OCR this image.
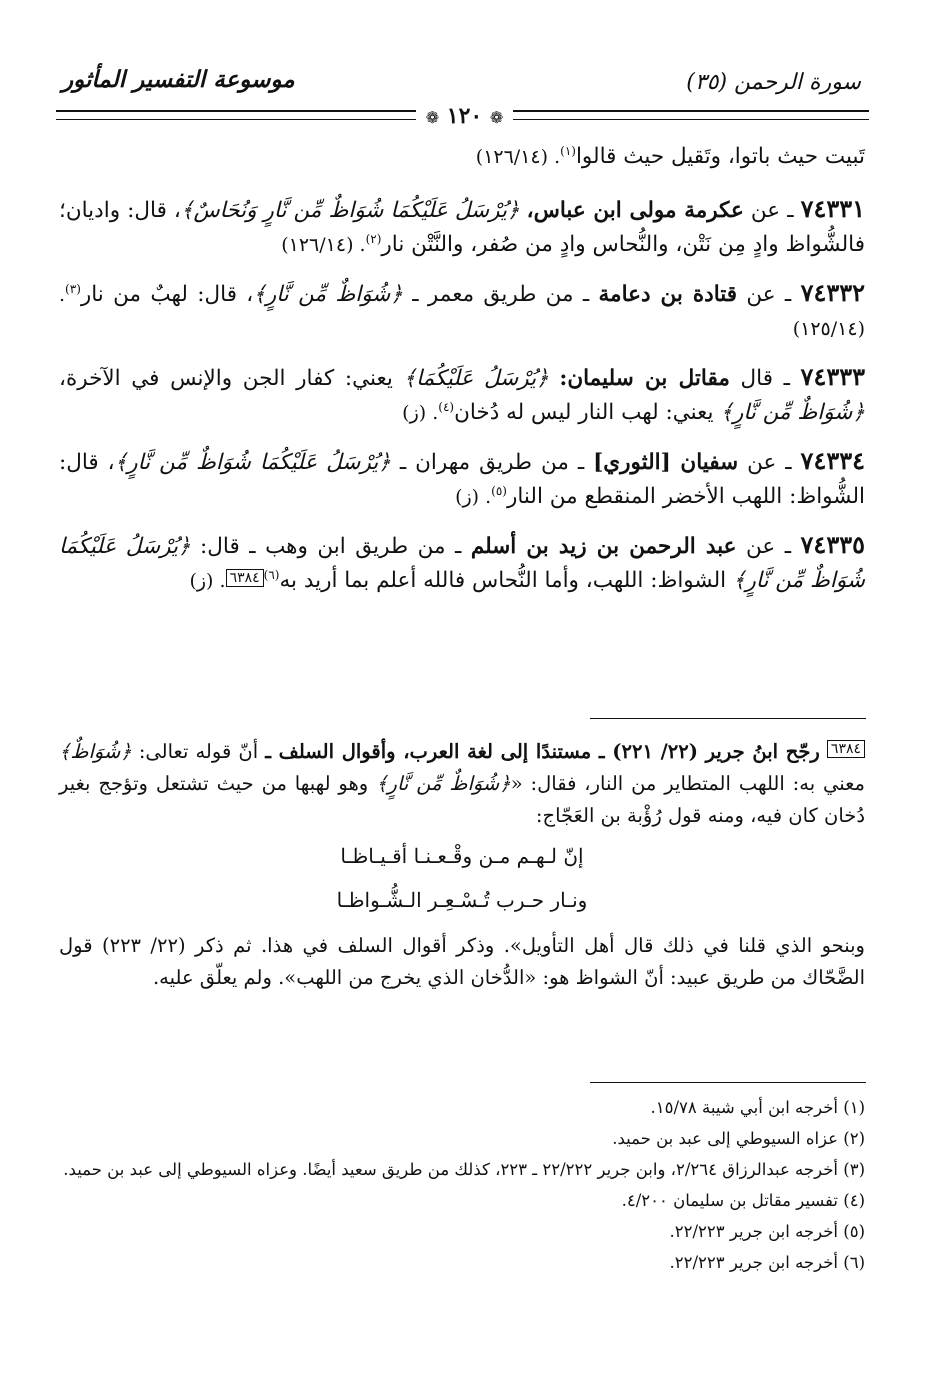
سورة الرحمن (٣٥)
موسوعة التفسير المأثور
❁ ١٢٠ ❁

تَبيت حيث باتوا، وتَقيل حيث قالوا$^{(١)}$. (١٢٦/١٤)

٧٤٣٣١ ـ عن عكرمة مولى ابن عباس، ﴿يُرْسَلُ عَلَيْكُمَا شُوَاظٌ مِّن نَّارٍ وَنُحَاسٌ﴾، قال: واديان؛ فالشُّواظ وادٍ مِن نَتْن، والنُّحاس وادٍ من صُفر، والنَّتْن نار$^{(٢)}$. (١٢٦/١٤)

٧٤٣٣٢ ـ عن قتادة بن دعامة ـ من طريق معمر ـ ﴿شُوَاظٌ مِّن نَّارٍ﴾، قال: لهبٌ من نار$^{(٣)}$. (١٢٥/١٤)

٧٤٣٣٣ ـ قال مقاتل بن سليمان: ﴿يُرْسَلُ عَلَيْكُمَا﴾ يعني: كفار الجن والإنس في الآخرة، ﴿شُوَاظٌ مِّن نَّارٍ﴾ يعني: لهب النار ليس له دُخان$^{(٤)}$. (ز)

٧٤٣٣٤ ـ عن سفيان [الثوري] ـ من طريق مهران ـ ﴿يُرْسَلُ عَلَيْكُمَا شُوَاظٌ مِّن نَّارٍ﴾، قال: الشُّواظ: اللهب الأخضر المنقطع من النار$^{(٥)}$. (ز)

٧٤٣٣٥ ـ عن عبد الرحمن بن زيد بن أسلم ـ من طريق ابن وهب ـ قال: ﴿يُرْسَلُ عَلَيْكُمَا شُوَاظٌ مِّن نَّارٍ﴾ الشواظ: اللهب، وأما النُّحاس فالله أعلم بما أريد به$^{(٦)}$٦٣٨٤. (ز)

٦٣٨٤ رجّح ابنُ جرير (٢٢/ ٢٢١) ـ مستندًا إلى لغة العرب، وأقوال السلف ـ أنّ قوله تعالى: ﴿شُوَاظٌ﴾ معني به: اللهب المتطاير من النار، فقال: «﴿شُوَاظٌ مِّن نَّارٍ﴾ وهو لهبها من حيث تشتعل وتؤجج بغير دُخان كان فيه، ومنه قول رُؤْبة بن العَجّاج:

إنّ لـهـم مـن وقْـعـنـا أقـيـاظـا

ونـار حـرب تُـسْـعِـر الـشُّـواظـا

وبنحو الذي قلنا في ذلك قال أهل التأويل». وذكر أقوال السلف في هذا. ثم ذكر (٢٢/ ٢٢٣) قول الضَّحّاك من طريق عبيد: أنّ الشواظ هو: «الدُّخان الذي يخرج من اللهب». ولم يعلّق عليه.

(١) أخرجه ابن أبي شيبة ١٥/٧٨.
(٢) عزاه السيوطي إلى عبد بن حميد.
(٣) أخرجه عبدالرزاق ٢/٢٦٤، وابن جرير ٢٢/٢٢٢ ـ ٢٢٣، كذلك من طريق سعيد أيضًا. وعزاه السيوطي إلى عبد بن حميد.
(٤) تفسير مقاتل بن سليمان ٤/٢٠٠.
(٥) أخرجه ابن جرير ٢٢/٢٢٣.
(٦) أخرجه ابن جرير ٢٢/٢٢٣.
